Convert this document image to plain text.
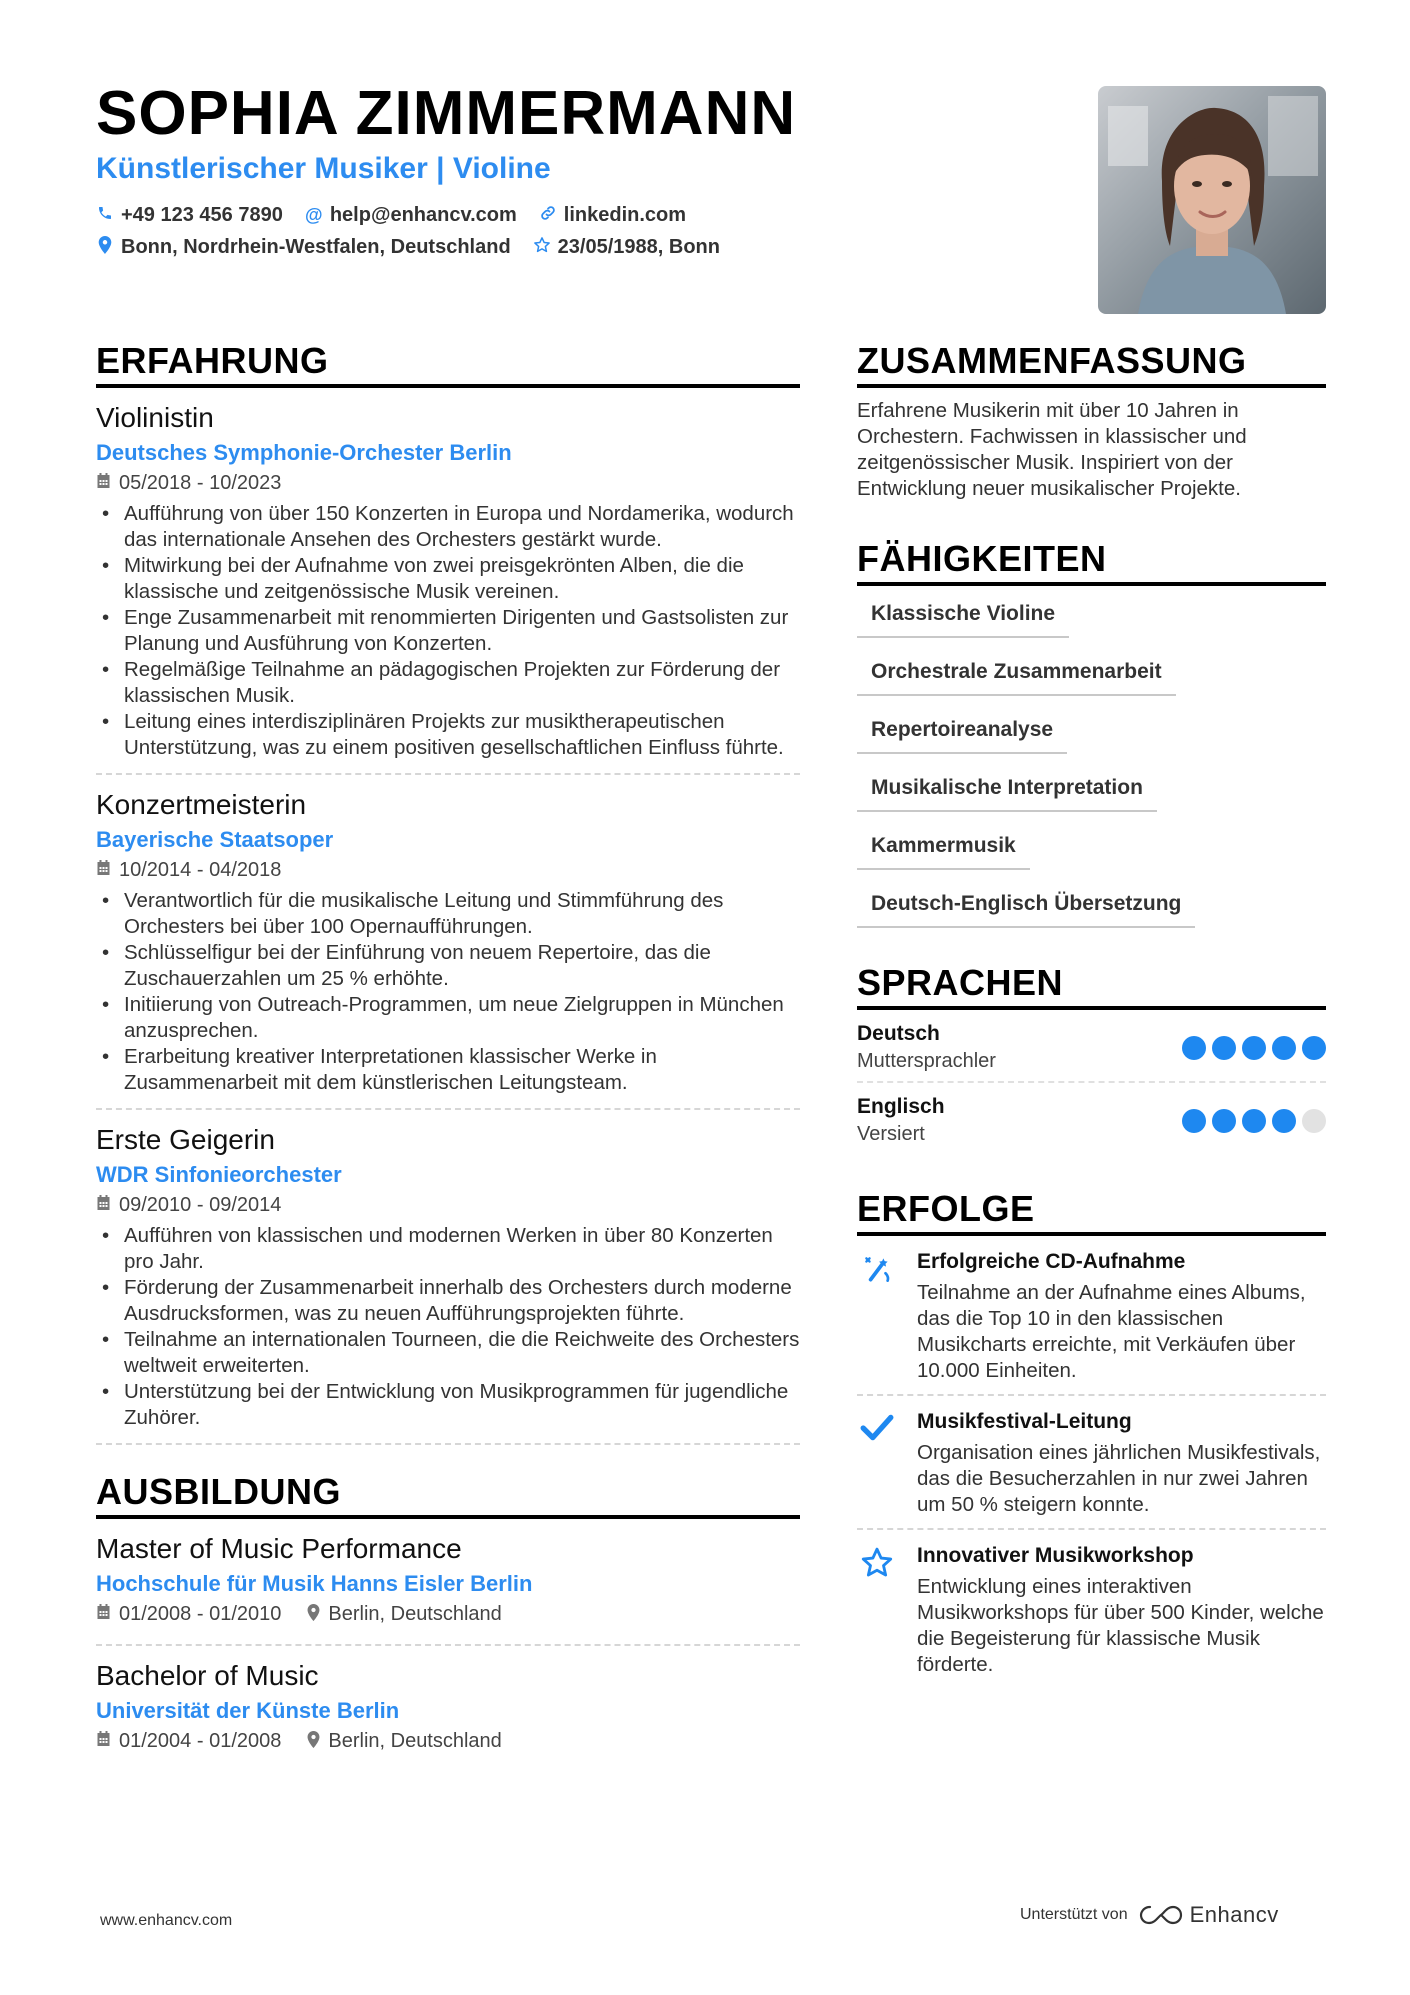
SOPHIA ZIMMERMANN
Künstlerischer Musiker | Violine
+49 123 456 7890 @ help@enhancv.com linkedin.com
Bonn, Nordrhein-Westfalen, Deutschland 23/05/1988, Bonn
ERFAHRUNG
Violinistin
Deutsches Symphonie-Orchester Berlin
05/2018 - 10/2023
• Aufführung von über 150 Konzerten in Europa und Nordamerika, wodurch das internationale Ansehen des Orchesters gestärkt wurde.
• Mitwirkung bei der Aufnahme von zwei preisgekrönten Alben, die die klassische und zeitgenössische Musik vereinen.
• Enge Zusammenarbeit mit renommierten Dirigenten und Gastsolisten zur Planung und Ausführung von Konzerten.
• Regelmäßige Teilnahme an pädagogischen Projekten zur Förderung der klassischen Musik.
• Leitung eines interdisziplinären Projekts zur musiktherapeutischen Unterstützung, was zu einem positiven gesellschaftlichen Einfluss führte.
Konzertmeisterin
Bayerische Staatsoper
10/2014 - 04/2018
• Verantwortlich für die musikalische Leitung und Stimmführung des Orchesters bei über 100 Opernaufführungen.
• Schlüsselfigur bei der Einführung von neuem Repertoire, das die Zuschauerzahlen um 25 % erhöhte.
• Initiierung von Outreach-Programmen, um neue Zielgruppen in München anzusprechen.
• Erarbeitung kreativer Interpretationen klassischer Werke in Zusammenarbeit mit dem künstlerischen Leitungsteam.
Erste Geigerin
WDR Sinfonieorchester
09/2010 - 09/2014
• Aufführen von klassischen und modernen Werken in über 80 Konzerten pro Jahr.
• Förderung der Zusammenarbeit innerhalb des Orchesters durch moderne Ausdrucksformen, was zu neuen Aufführungsprojekten führte.
• Teilnahme an internationalen Tourneen, die die Reichweite des Orchesters weltweit erweiterten.
• Unterstützung bei der Entwicklung von Musikprogrammen für jugendliche Zuhörer.
AUSBILDUNG
Master of Music Performance
Hochschule für Musik Hanns Eisler Berlin
01/2008 - 01/2010 Berlin, Deutschland
Bachelor of Music
Universität der Künste Berlin
01/2004 - 01/2008 Berlin, Deutschland
ZUSAMMENFASSUNG
Erfahrene Musikerin mit über 10 Jahren in Orchestern. Fachwissen in klassischer und zeitgenössischer Musik. Inspiriert von der Entwicklung neuer musikalischer Projekte.
FÄHIGKEITEN
Klassische Violine
Orchestrale Zusammenarbeit
Repertoireanalyse
Musikalische Interpretation
Kammermusik
Deutsch-Englisch Übersetzung
SPRACHEN
Deutsch
Muttersprachler
Englisch
Versiert
ERFOLGE
Erfolgreiche CD-Aufnahme
Teilnahme an der Aufnahme eines Albums, das die Top 10 in den klassischen Musikcharts erreichte, mit Verkäufen über 10.000 Einheiten.
Musikfestival-Leitung
Organisation eines jährlichen Musikfestivals, das die Besucherzahlen in nur zwei Jahren um 50 % steigern konnte.
Innovativer Musikworkshop
Entwicklung eines interaktiven Musikworkshops für über 500 Kinder, welche die Begeisterung für klassische Musik förderte.
www.enhancv.com	Unterstützt von	Enhancv
